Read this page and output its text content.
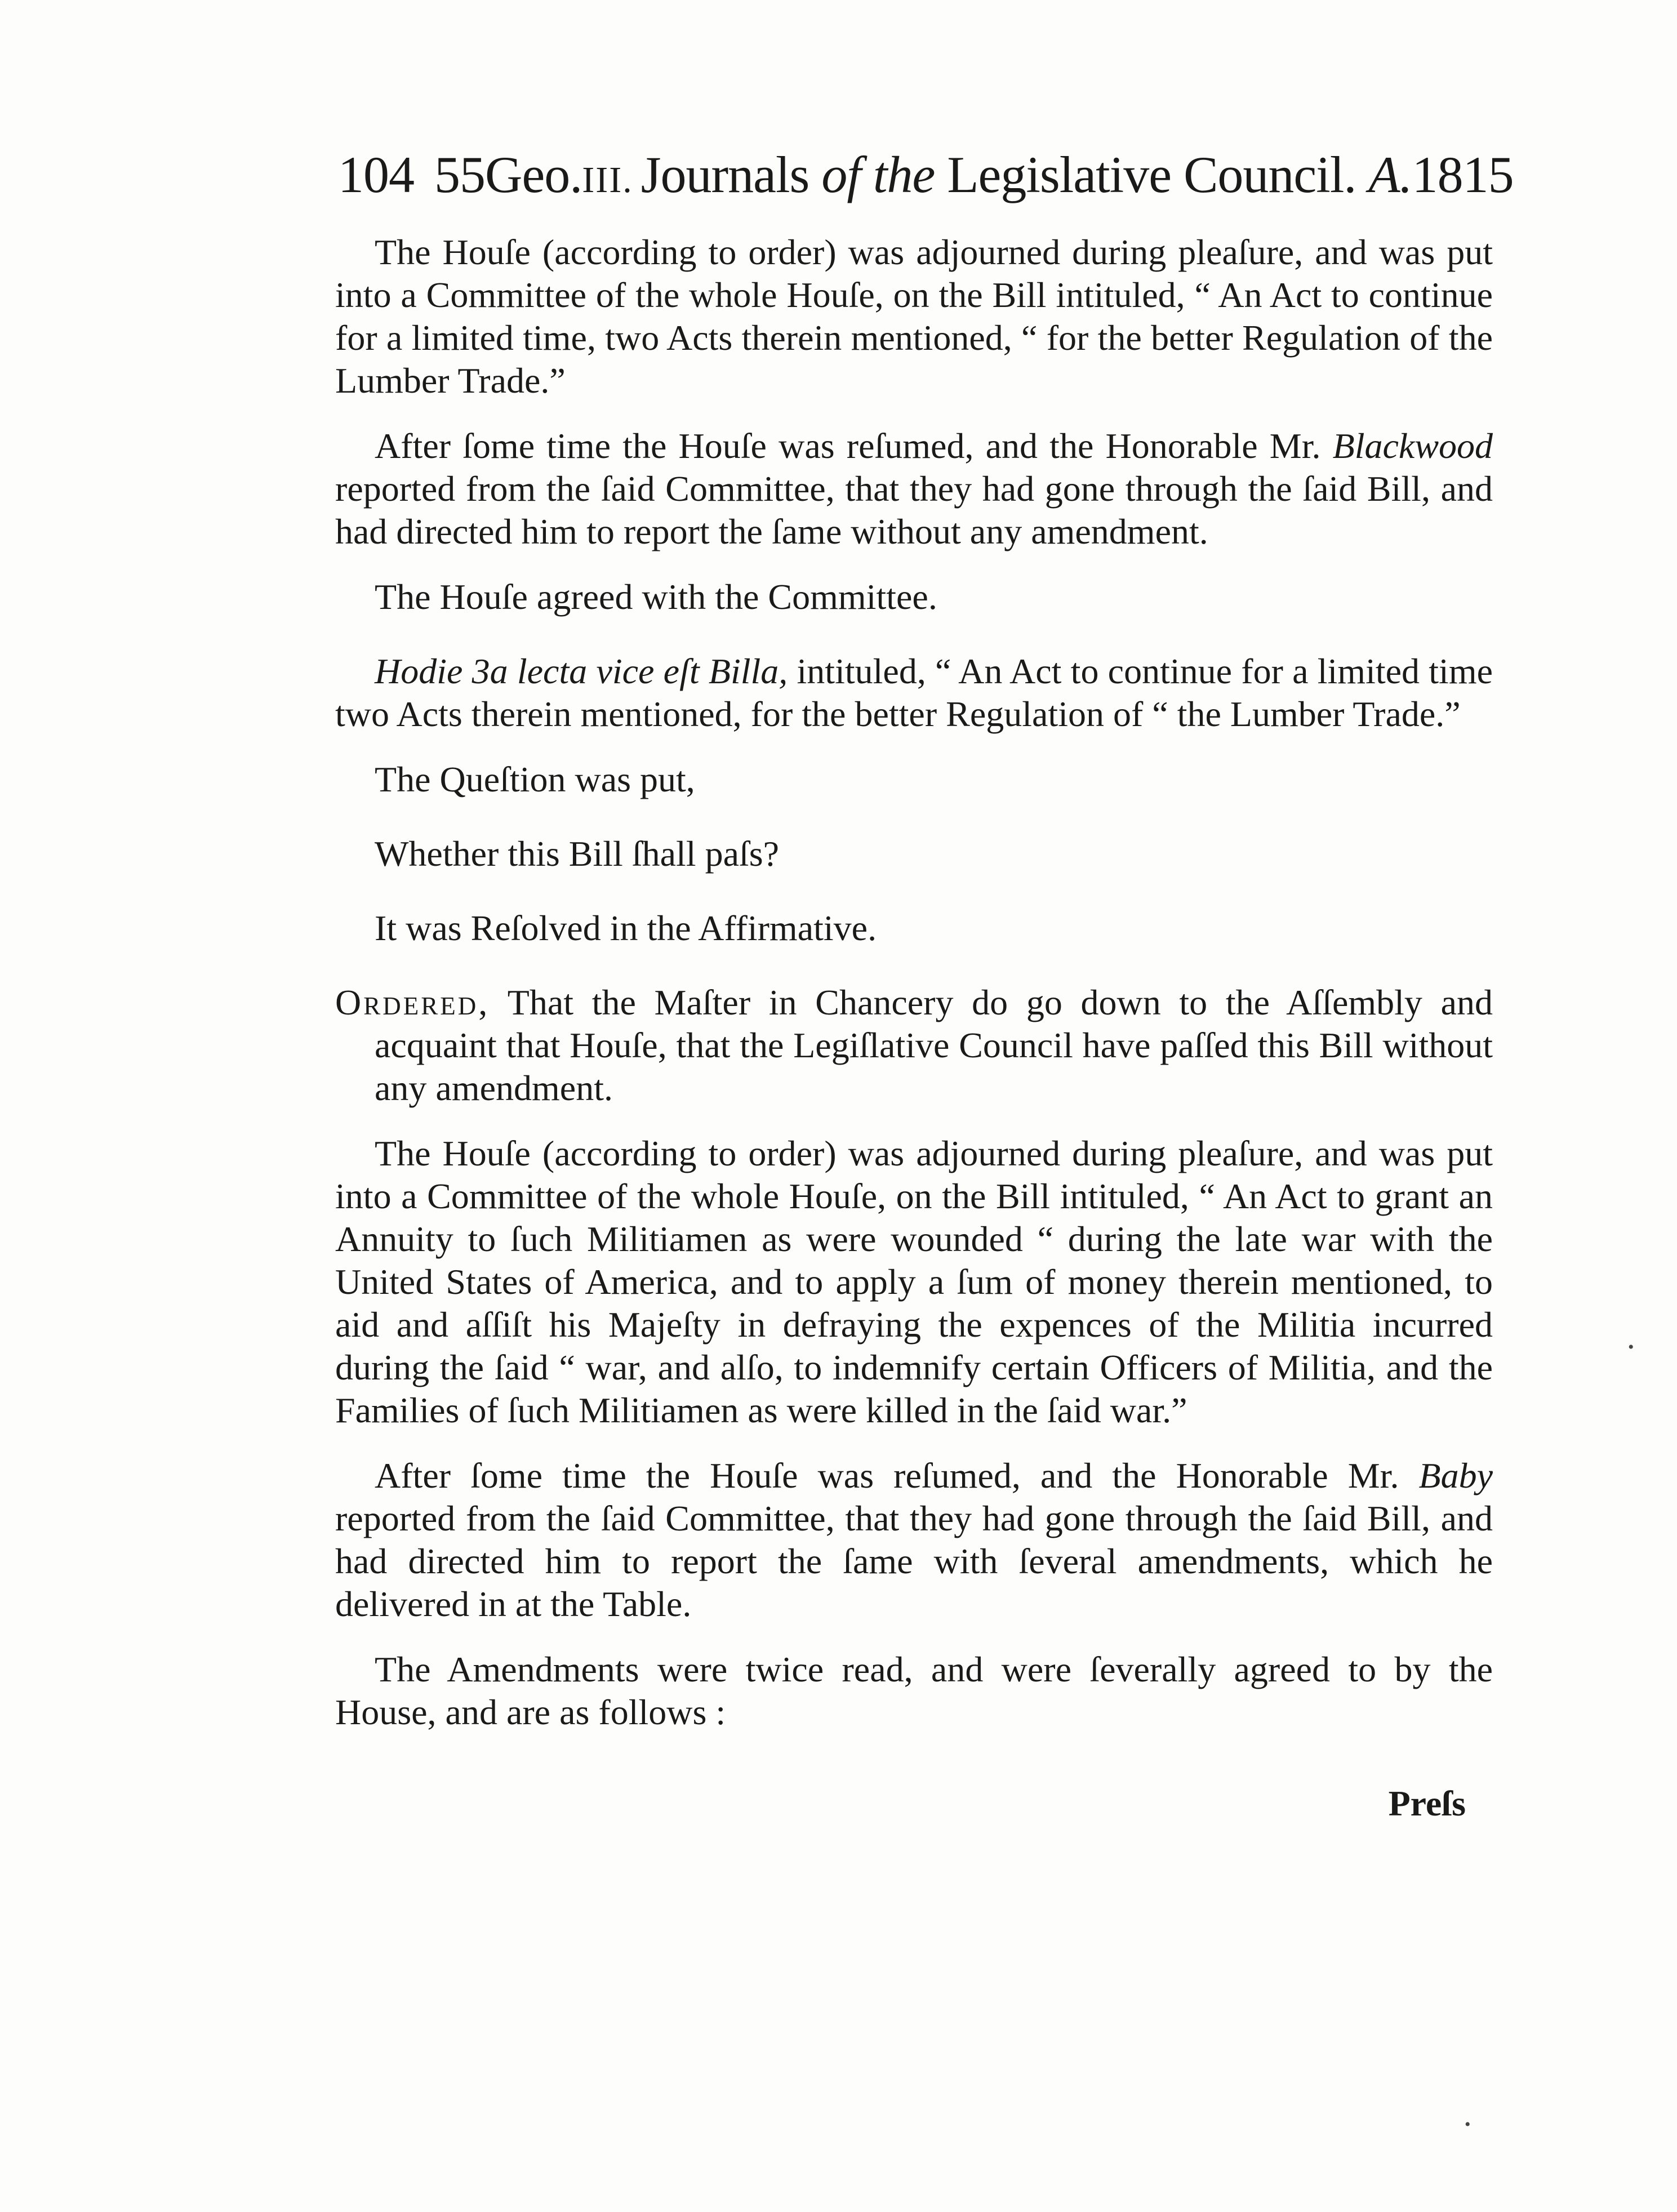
104 55Geo.III. Journals of the Legislative Council. A.1815

The Houſe (according to order) was adjourned during pleaſure, and was put into a Committee of the whole Houſe, on the Bill intituled, “ An Act to continue for a limited time, two Acts therein mentioned, “ for the better Regulation of the Lumber Trade.”

After ſome time the Houſe was reſumed, and the Honorable Mr. Blackwood reported from the ſaid Committee, that they had gone through the ſaid Bill, and had directed him to report the ſame without any amendment.

The Houſe agreed with the Committee.

Hodie 3a lecta vice eſt Billa, intituled, “ An Act to continue for a limited time two Acts therein mentioned, for the better Regulation of “ the Lumber Trade.”

The Queſtion was put,

Whether this Bill ſhall paſs?

It was Reſolved in the Affirmative.

Ordered, That the Maſter in Chancery do go down to the Aſſembly and acquaint that Houſe, that the Legiſlative Council have paſſed this Bill without any amendment.

The Houſe (according to order) was adjourned during pleaſure, and was put into a Committee of the whole Houſe, on the Bill intituled, “ An Act to grant an Annuity to ſuch Militiamen as were wounded “ during the late war with the United States of America, and to apply a ſum of money therein mentioned, to aid and aſſiſt his Majeſty in defraying the expences of the Militia incurred during the ſaid “ war, and alſo, to indemnify certain Officers of Militia, and the Families of ſuch Militiamen as were killed in the ſaid war.”

After ſome time the Houſe was reſumed, and the Honorable Mr. Baby reported from the ſaid Committee, that they had gone through the ſaid Bill, and had directed him to report the ſame with ſeveral amendments, which he delivered in at the Table.

The Amendments were twice read, and were ſeverally agreed to by the House, and are as follows :

Preſs
•
•
